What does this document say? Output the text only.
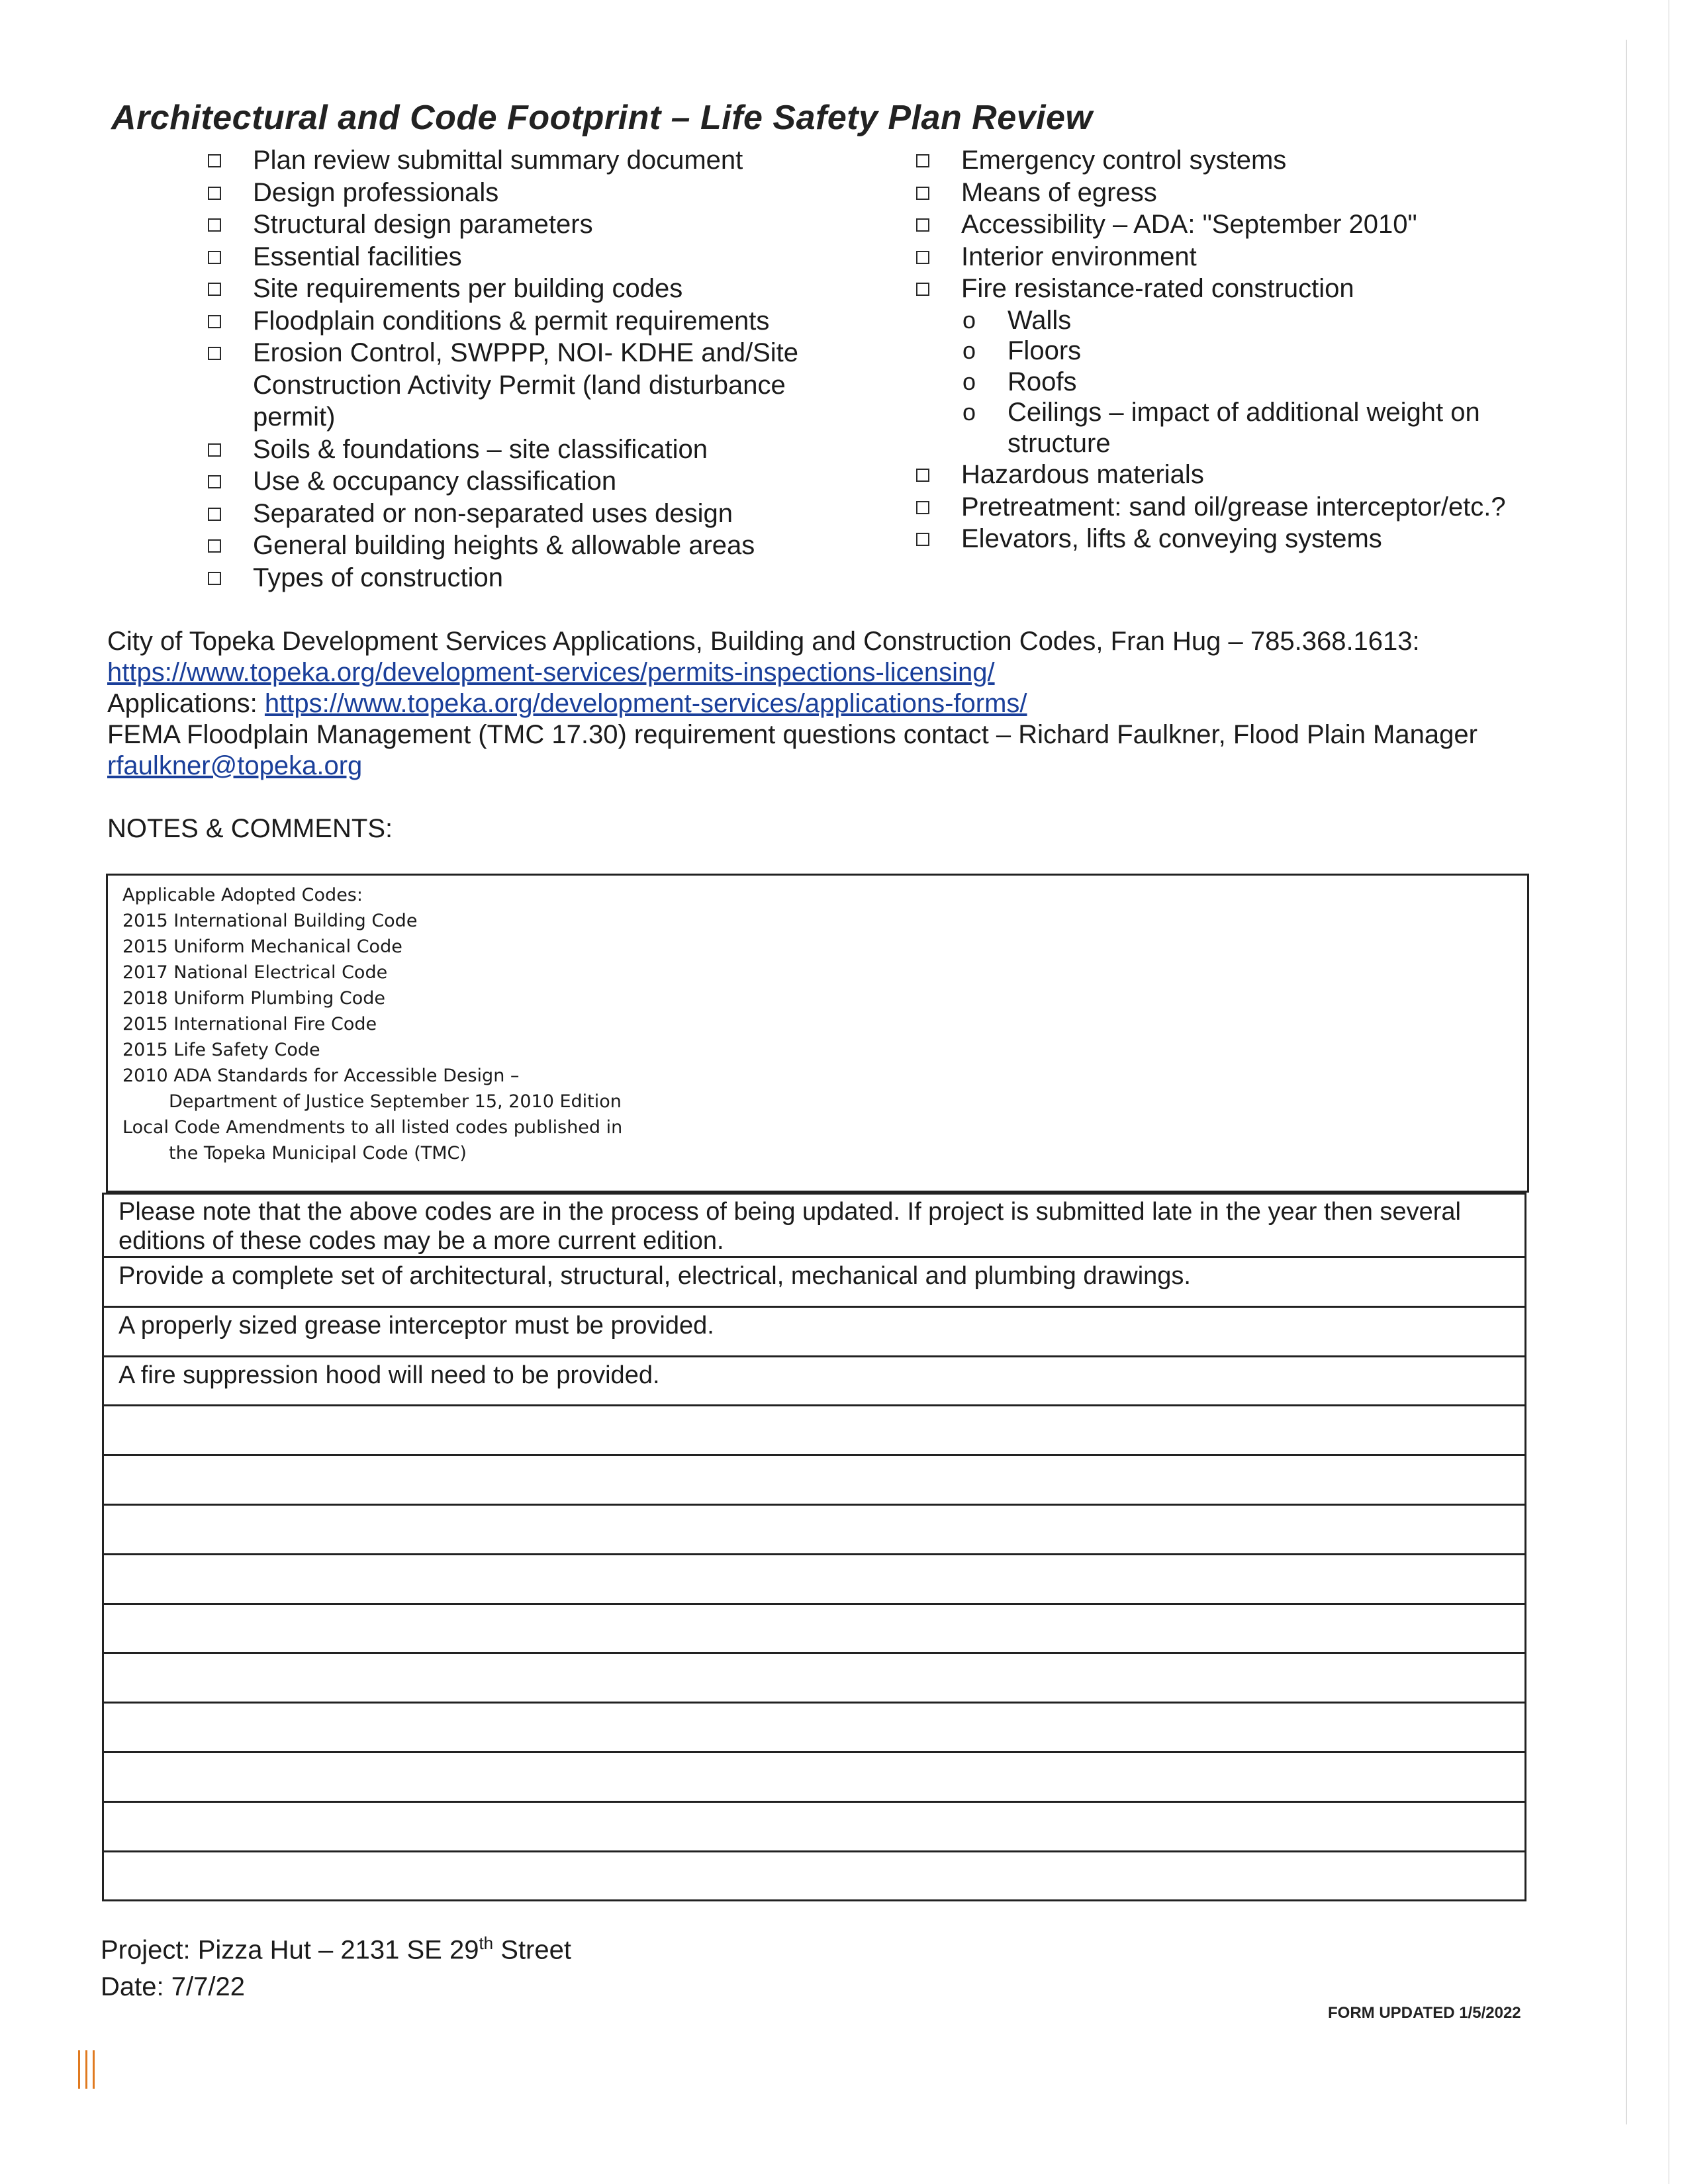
Architectural and Code Footprint – Life Safety Plan Review
Plan review submittal summary document
Design professionals
Structural design parameters
Essential facilities
Site requirements per building codes
Floodplain conditions & permit requirements
Erosion Control, SWPPP, NOI- KDHE and/Site
Construction Activity Permit (land disturbance
permit)
Soils & foundations – site classification
Use & occupancy classification
Separated or non-separated uses design
General building heights & allowable areas
Types of construction
Emergency control systems
Means of egress
Accessibility – ADA: "September 2010"
Interior environment
Fire resistance-rated construction
o Walls
o Floors
o Roofs
o Ceilings – impact of additional weight on structure
Hazardous materials
Pretreatment: sand oil/grease interceptor/etc.?
Elevators, lifts & conveying systems
City of Topeka Development Services Applications, Building and Construction Codes, Fran Hug – 785.368.1613:
https://www.topeka.org/development-services/permits-inspections-licensing/
Applications: https://www.topeka.org/development-services/applications-forms/
FEMA Floodplain Management (TMC 17.30) requirement questions contact – Richard Faulkner, Flood Plain Manager
rfaulkner@topeka.org
NOTES & COMMENTS:
Applicable Adopted Codes:
2015 International Building Code
2015 Uniform Mechanical Code
2017 National Electrical Code
2018 Uniform Plumbing Code
2015 International Fire Code
2015 Life Safety Code
2010 ADA Standards for Accessible Design –
Department of Justice September 15, 2010 Edition
Local Code Amendments to all listed codes published in
the Topeka Municipal Code (TMC)
Please note that the above codes are in the process of being updated. If project is submitted late in the year then several editions of these codes may be a more current edition.
Provide a complete set of architectural, structural, electrical, mechanical and plumbing drawings.
A properly sized grease interceptor must be provided.
A fire suppression hood will need to be provided.
Project: Pizza Hut – 2131 SE 29th Street
Date: 7/7/22
FORM UPDATED 1/5/2022
